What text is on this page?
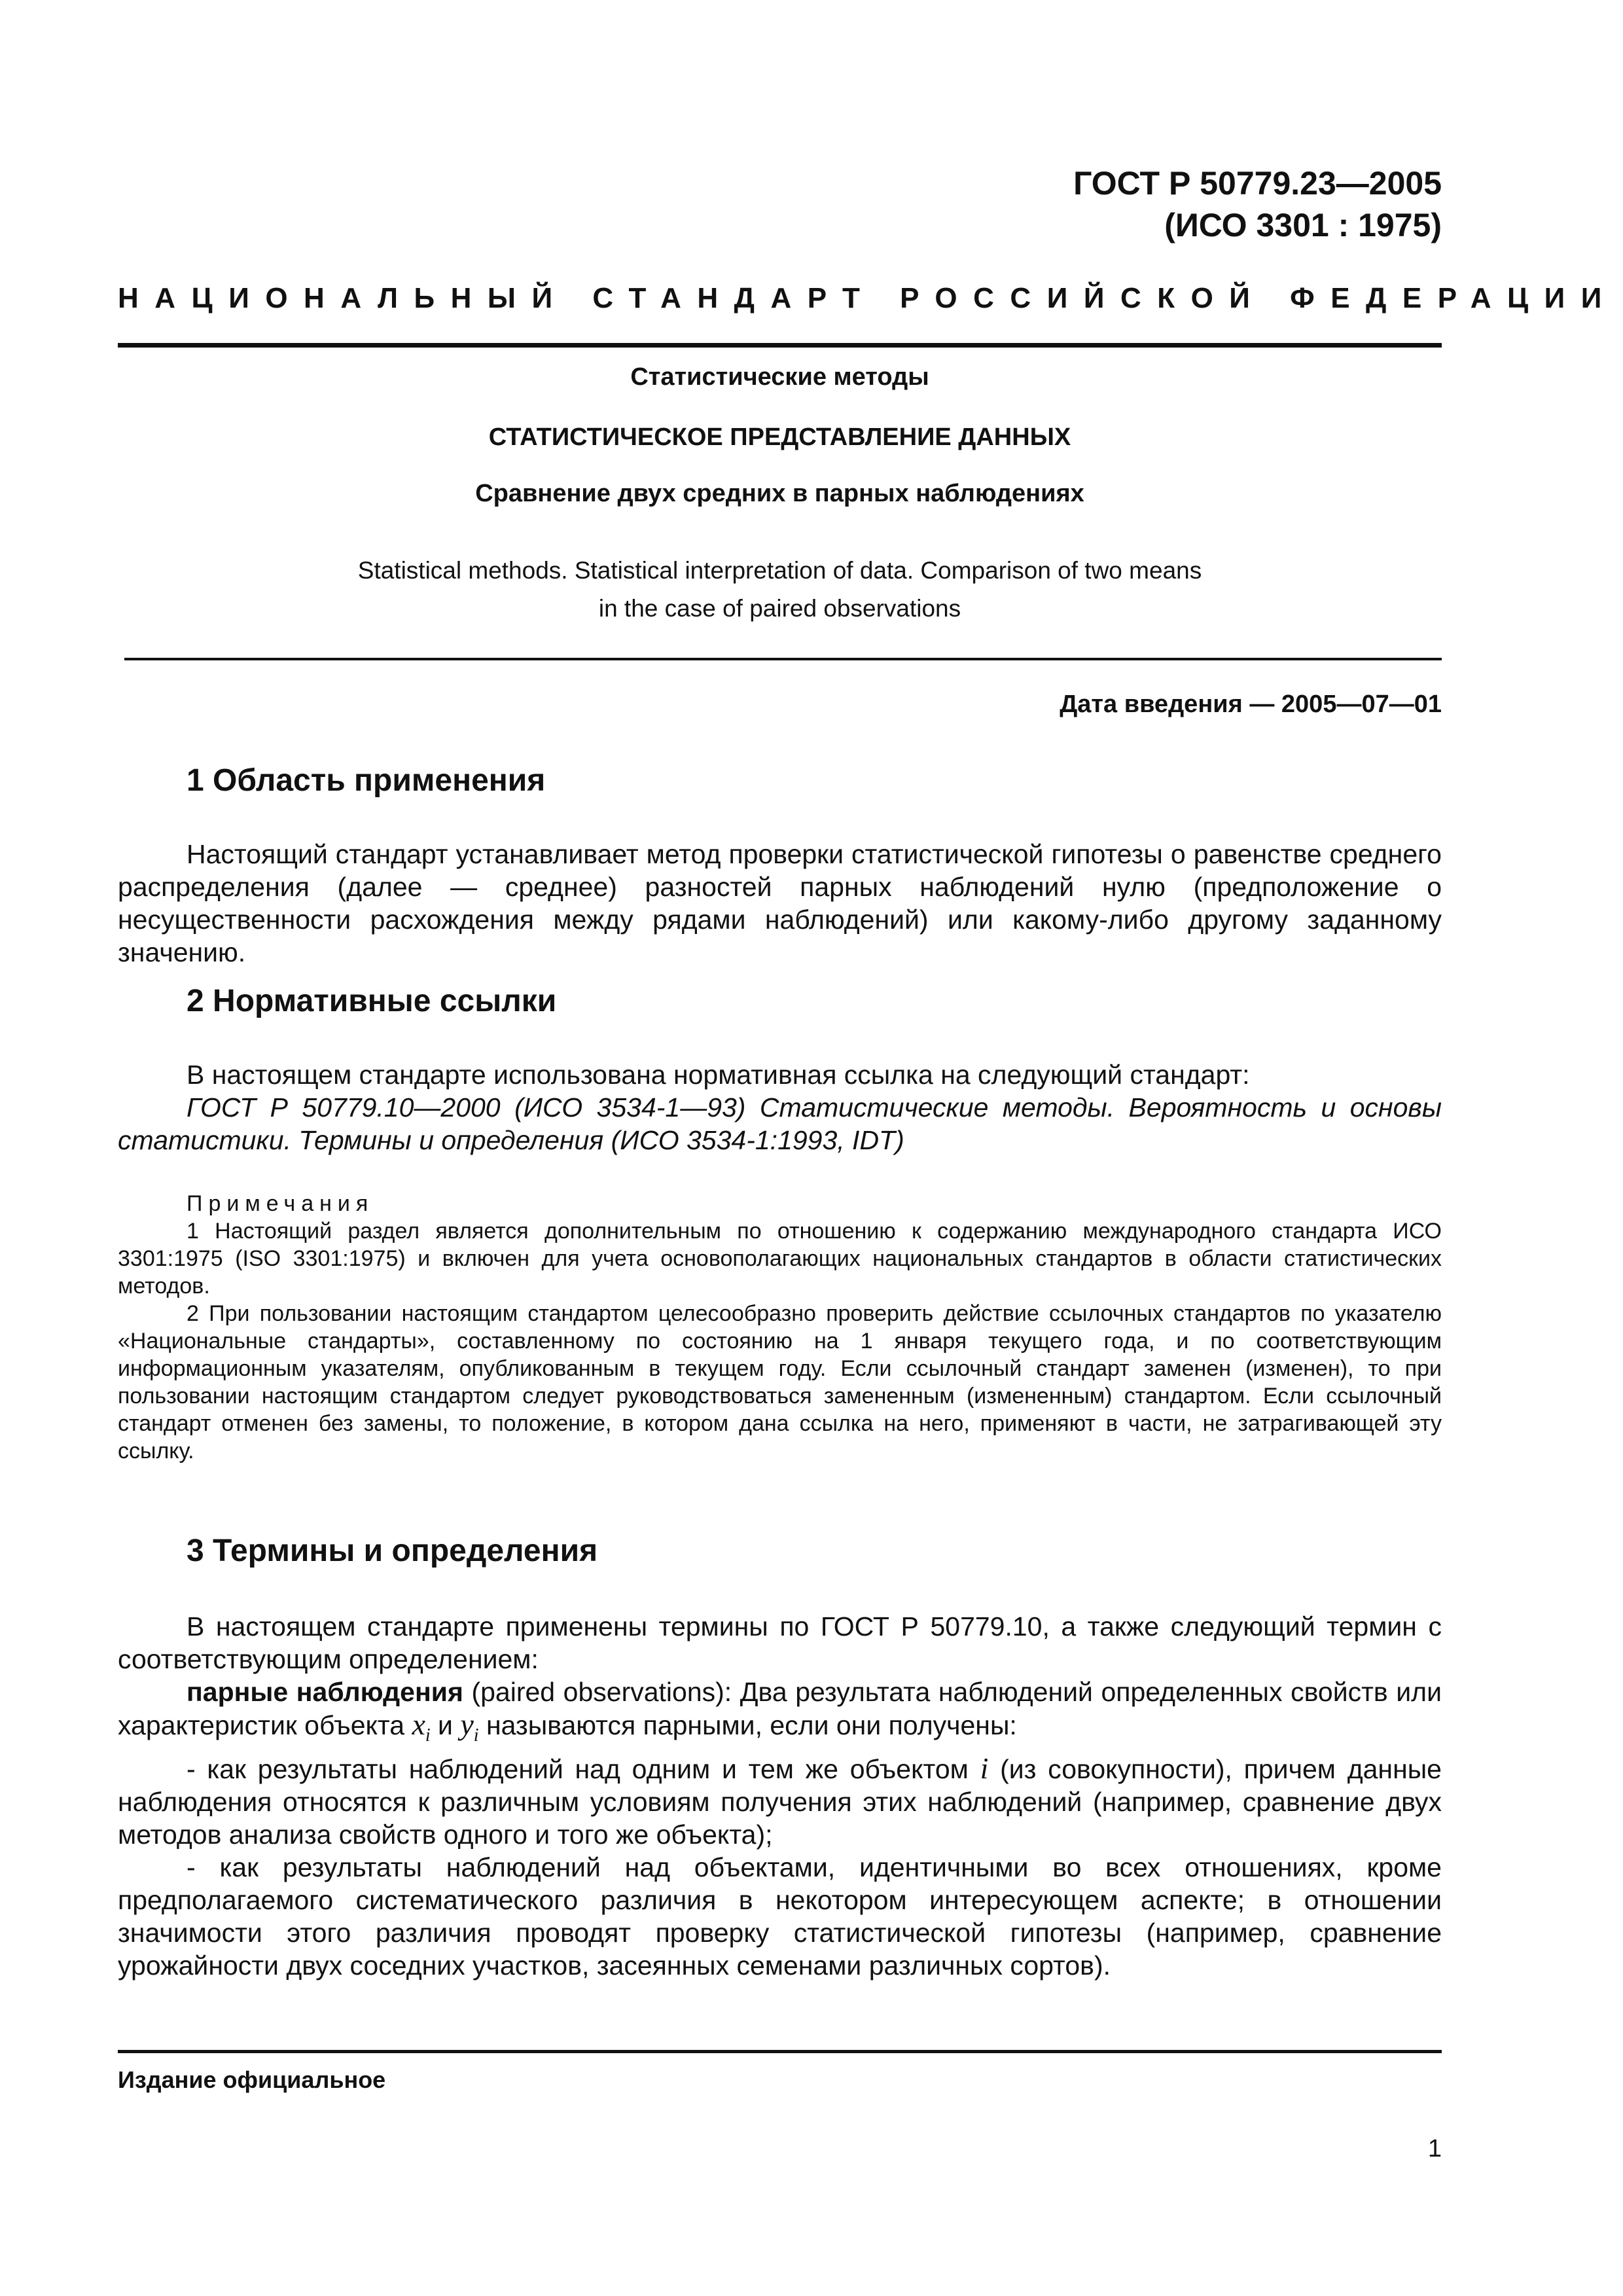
ГОСТ Р 50779.23—2005
(ИСО 3301 : 1975)
НАЦИОНАЛЬНЫЙ СТАНДАРТ РОССИЙСКОЙ ФЕДЕРАЦИИ
Статистические методы
СТАТИСТИЧЕСКОЕ ПРЕДСТАВЛЕНИЕ ДАННЫХ
Сравнение двух средних в парных наблюдениях
Statistical methods. Statistical interpretation of data. Comparison of two means
in the case of paired observations
Дата введения — 2005—07—01
1 Область применения

Настоящий стандарт устанавливает метод проверки статистической гипотезы о равенстве среднего распределения (далее — среднее) разностей парных наблюдений нулю (предположение о несущественности расхождения между рядами наблюдений) или какому-либо другому заданному значению.

2 Нормативные ссылки

В настоящем стандарте использована нормативная ссылка на следующий стандарт:

ГОСТ Р 50779.10—2000 (ИСО 3534-1—93) Статистические методы. Вероятность и основы статистики. Термины и определения (ИСО 3534-1:1993, IDT)

Примечания

1 Настоящий раздел является дополнительным по отношению к содержанию международного стандарта ИСО 3301:1975 (ISO 3301:1975) и включен для учета основополагающих национальных стандартов в области статистических методов.

2 При пользовании настоящим стандартом целесообразно проверить действие ссылочных стандартов по указателю «Национальные стандарты», составленному по состоянию на 1 января текущего года, и по соответствующим информационным указателям, опубликованным в текущем году. Если ссылочный стандарт заменен (изменен), то при пользовании настоящим стандартом следует руководствоваться замененным (измененным) стандартом. Если ссылочный стандарт отменен без замены, то положение, в котором дана ссылка на него, применяют в части, не затрагивающей эту ссылку.

3 Термины и определения

В настоящем стандарте применены термины по ГОСТ Р 50779.10, а также следующий термин с соответствующим определением:

парные наблюдения (paired observations): Два результата наблюдений определенных свойств или характеристик объекта $x_i$ и $y_i$ называются парными, если они получены:

- как результаты наблюдений над одним и тем же объектом i (из совокупности), причем данные наблюдения относятся к различным условиям получения этих наблюдений (например, сравнение двух методов анализа свойств одного и того же объекта);

- как результаты наблюдений над объектами, идентичными во всех отношениях, кроме предполагаемого систематического различия в некотором интересующем аспекте; в отношении значимости этого различия проводят проверку статистической гипотезы (например, сравнение урожайности двух соседних участков, засеянных семенами различных сортов).

Издание официальное
1
